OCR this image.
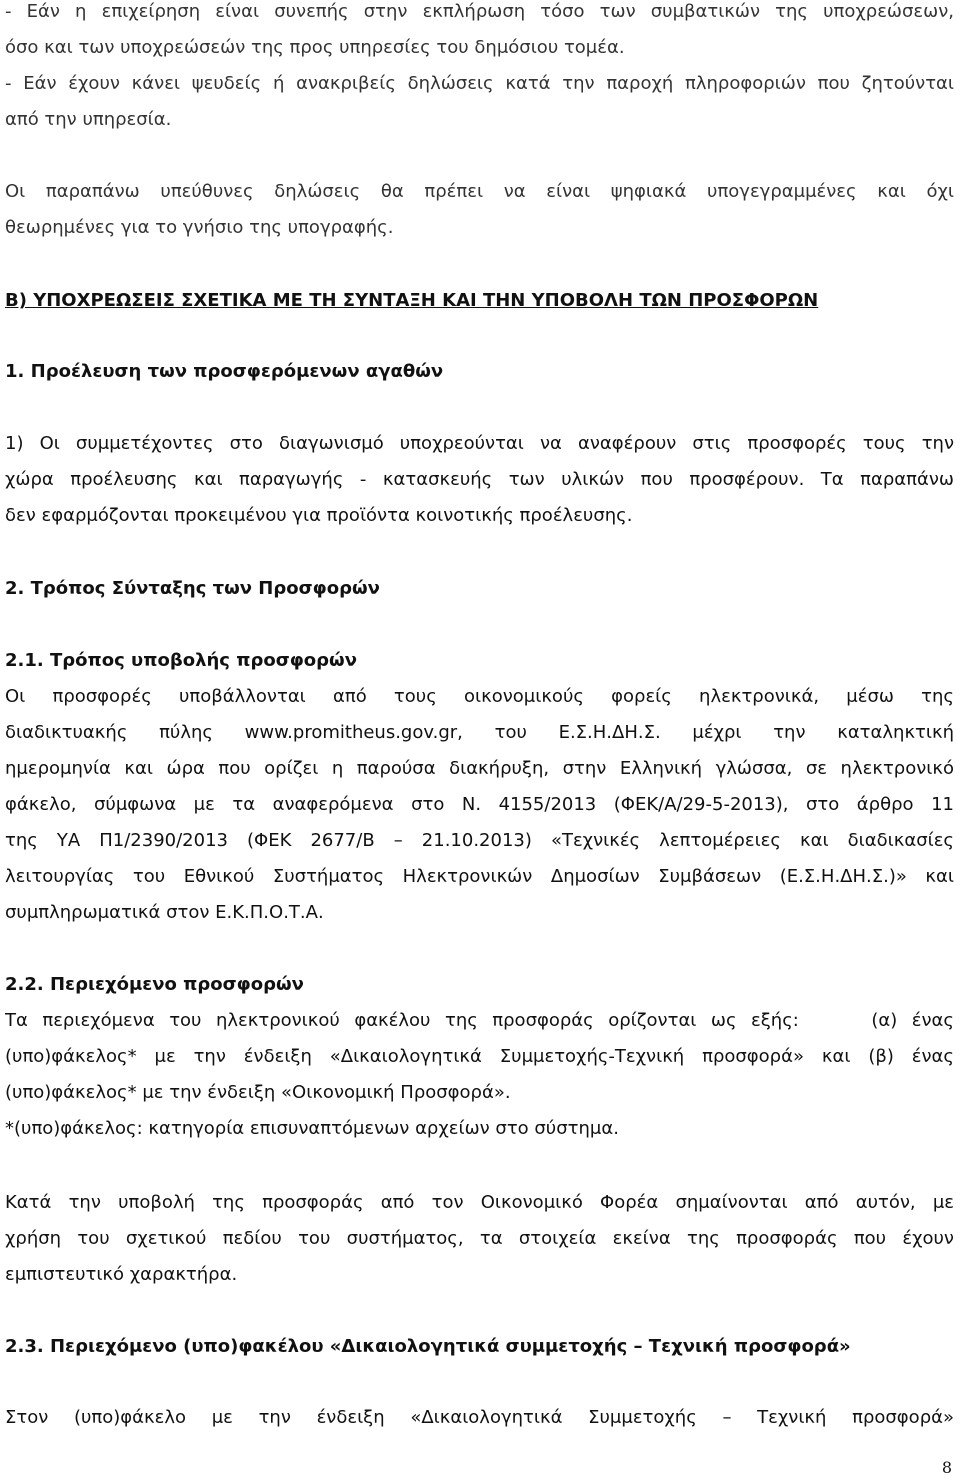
- Εάν η επιχείρηση είναι συνεπής στην εκπλήρωση τόσο των συμβατικών της υποχρεώσεων,
όσο και των υποχρεώσεών της προς υπηρεσίες του δημόσιου τομέα.
- Εάν έχουν κάνει ψευδείς ή ανακριβείς δηλώσεις κατά την παροχή πληροφοριών που ζητούνται
από την υπηρεσία.
Οι παραπάνω υπεύθυνες δηλώσεις θα πρέπει να είναι ψηφιακά υπογεγραμμένες και όχι
θεωρημένες για το γνήσιο της υπογραφής.
Β) ΥΠΟΧΡΕΩΣΕΙΣ ΣΧΕΤΙΚΑ ΜΕ ΤΗ ΣΥΝΤΑΞΗ ΚΑΙ ΤΗΝ ΥΠΟΒΟΛΗ ΤΩΝ ΠΡΟΣΦΟΡΩΝ
1. Προέλευση των προσφερόμενων αγαθών
1) Οι συμμετέχοντες στο διαγωνισμό υποχρεούνται να αναφέρουν στις προσφορές τους την
χώρα προέλευσης και παραγωγής - κατασκευής των υλικών που προσφέρουν. Τα παραπάνω
δεν εφαρμόζονται προκειμένου για προϊόντα κοινοτικής προέλευσης.
2. Τρόπος Σύνταξης των Προσφορών
2.1. Τρόπος υποβολής προσφορών
Οι προσφορές υποβάλλονται από τους οικονομικούς φορείς ηλεκτρονικά, μέσω της
διαδικτυακής πύλης www.promitheus.gov.gr, του Ε.Σ.Η.ΔΗ.Σ. μέχρι την καταληκτική
ημερομηνία και ώρα που ορίζει η παρούσα διακήρυξη, στην Ελληνική γλώσσα, σε ηλεκτρονικό
φάκελο, σύμφωνα με τα αναφερόμενα στο Ν. 4155/2013 (ΦΕΚ/Α/29-5-2013), στο άρθρο 11
της ΥΑ Π1/2390/2013 (ΦΕΚ 2677/Β – 21.10.2013) «Τεχνικές λεπτομέρειες και διαδικασίες
λειτουργίας του Εθνικού Συστήματος Ηλεκτρονικών Δημοσίων Συμβάσεων (Ε.Σ.Η.ΔΗ.Σ.)» και
συμπληρωματικά στον Ε.Κ.Π.Ο.Τ.Α.
2.2. Περιεχόμενο προσφορών
Τα περιεχόμενα του ηλεκτρονικού φακέλου της προσφοράς ορίζονται ως εξής:     (α) ένας
(υπο)φάκελος* με την ένδειξη «Δικαιολογητικά Συμμετοχής-Τεχνική προσφορά» και (β) ένας
(υπο)φάκελος* με την ένδειξη «Οικονομική Προσφορά».
*(υπο)φάκελος: κατηγορία επισυναπτόμενων αρχείων στο σύστημα.
Κατά την υποβολή της προσφοράς από τον Οικονομικό Φορέα σημαίνονται από αυτόν, με
χρήση του σχετικού πεδίου του συστήματος, τα στοιχεία εκείνα της προσφοράς που έχουν
εμπιστευτικό χαρακτήρα.
2.3. Περιεχόμενο (υπο)φακέλου «Δικαιολογητικά συμμετοχής – Τεχνική προσφορά»
Στον (υπο)φάκελο με την ένδειξη «Δικαιολογητικά Συμμετοχής – Τεχνική προσφορά»
8
